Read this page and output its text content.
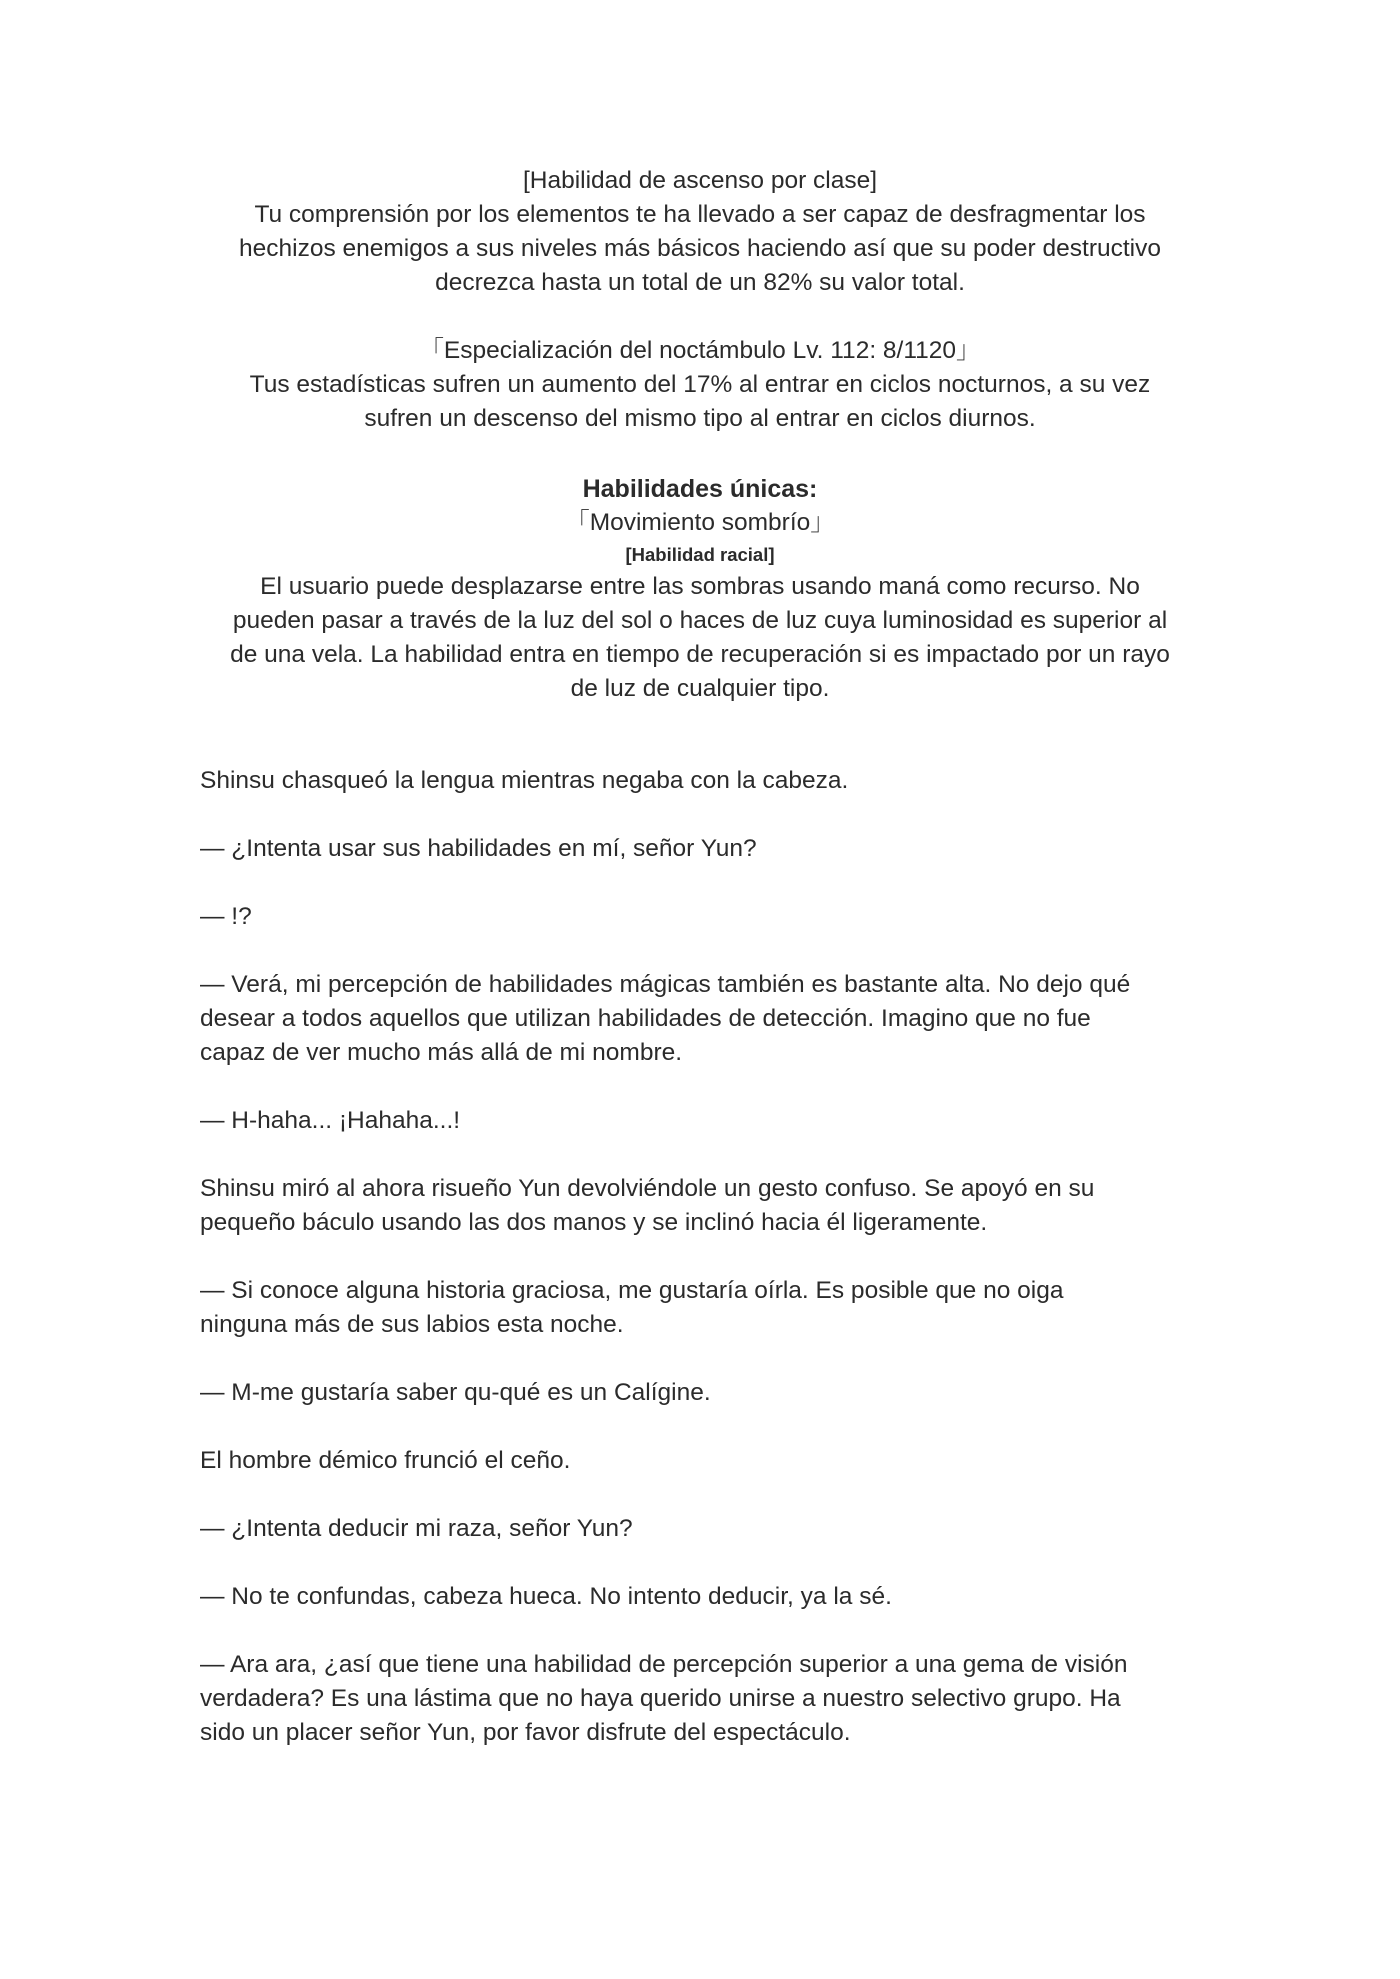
[Habilidad de ascenso por clase]
Tu comprensión por los elementos te ha llevado a ser capaz de desfragmentar los
hechizos enemigos a sus niveles más básicos haciendo así que su poder destructivo
decrezca hasta un total de un 82% su valor total.
「Especialización del noctámbulo Lv. 112: 8/1120」
Tus estadísticas sufren un aumento del 17% al entrar en ciclos nocturnos, a su vez
sufren un descenso del mismo tipo al entrar en ciclos diurnos.
Habilidades únicas:
「Movimiento sombrío」
[Habilidad racial]
El usuario puede desplazarse entre las sombras usando maná como recurso. No
pueden pasar a través de la luz del sol o haces de luz cuya luminosidad es superior al
de una vela. La habilidad entra en tiempo de recuperación si es impactado por un rayo
de luz de cualquier tipo.

Shinsu chasqueó la lengua mientras negaba con la cabeza.

— ¿Intenta usar sus habilidades en mí, señor Yun?

— !?

— Verá, mi percepción de habilidades mágicas también es bastante alta. No dejo qué
desear a todos aquellos que utilizan habilidades de detección. Imagino que no fue
capaz de ver mucho más allá de mi nombre.

— H-haha... ¡Hahaha...!

Shinsu miró al ahora risueño Yun devolviéndole un gesto confuso. Se apoyó en su
pequeño báculo usando las dos manos y se inclinó hacia él ligeramente.

— Si conoce alguna historia graciosa, me gustaría oírla. Es posible que no oiga
ninguna más de sus labios esta noche.

— M-me gustaría saber qu-qué es un Calígine.

El hombre démico frunció el ceño.

— ¿Intenta deducir mi raza, señor Yun?

— No te confundas, cabeza hueca. No intento deducir, ya la sé.

— Ara ara, ¿así que tiene una habilidad de percepción superior a una gema de visión
verdadera? Es una lástima que no haya querido unirse a nuestro selectivo grupo. Ha
sido un placer señor Yun, por favor disfrute del espectáculo.
